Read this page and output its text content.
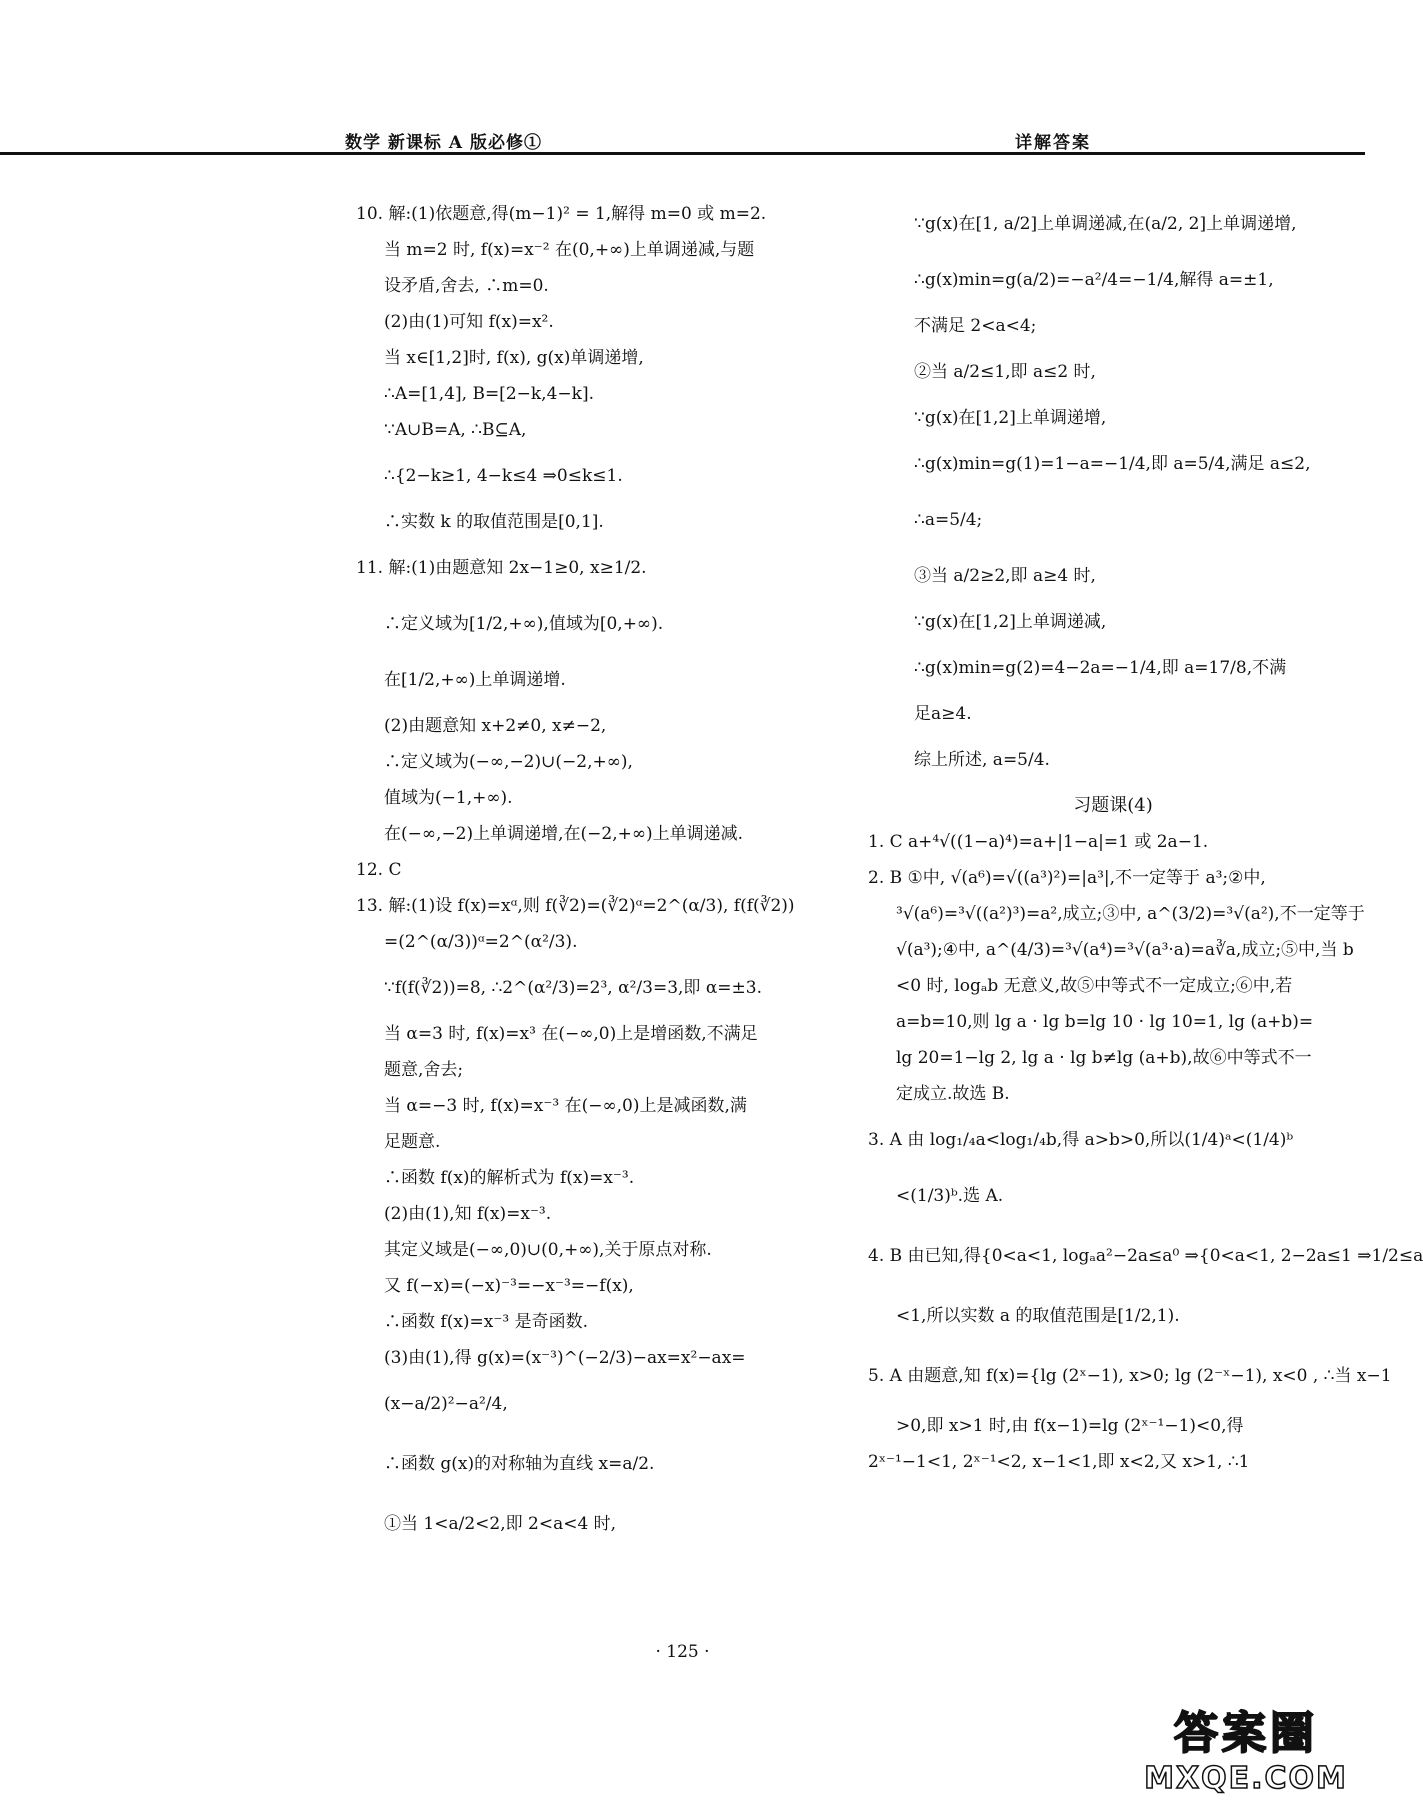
数学 新课标 A 版必修①	详解答案
10. 解:(1)依题意,得(m−1)² = 1,解得 m=0 或 m=2.
当 m=2 时, f(x)=x⁻² 在(0,+∞)上单调递减,与题
设矛盾,舍去, ∴m=0.
(2)由(1)可知 f(x)=x².
当 x∈[1,2]时, f(x), g(x)单调递增,
∴A=[1,4], B=[2−k,4−k].
∵A∪B=A, ∴B⊆A,
∴{2−k≥1, 4−k≤4 ⇒0≤k≤1.
∴实数 k 的取值范围是[0,1].
11. 解:(1)由题意知 2x−1≥0, x≥1/2.
∴定义域为[1/2,+∞),值域为[0,+∞).
在[1/2,+∞)上单调递增.
(2)由题意知 x+2≠0, x≠−2,
∴定义域为(−∞,−2)∪(−2,+∞),
值域为(−1,+∞).
在(−∞,−2)上单调递增,在(−2,+∞)上单调递减.
12. C
13. 解:(1)设 f(x)=xᵅ,则 f(∛2)=(∛2)ᵅ=2^(α/3), f(f(∛2))
=(2^(α/3))ᵅ=2^(α²/3).
∵f(f(∛2))=8, ∴2^(α²/3)=2³, α²/3=3,即 α=±3.
当 α=3 时, f(x)=x³ 在(−∞,0)上是增函数,不满足
题意,舍去;
当 α=−3 时, f(x)=x⁻³ 在(−∞,0)上是减函数,满
足题意.
∴函数 f(x)的解析式为 f(x)=x⁻³.
(2)由(1),知 f(x)=x⁻³.
其定义域是(−∞,0)∪(0,+∞),关于原点对称.
又 f(−x)=(−x)⁻³=−x⁻³=−f(x),
∴函数 f(x)=x⁻³ 是奇函数.
(3)由(1),得 g(x)=(x⁻³)^(−2/3)−ax=x²−ax=
(x−a/2)²−a²/4,
∴函数 g(x)的对称轴为直线 x=a/2.
①当 1<a/2<2,即 2<a<4 时,
∵g(x)在[1, a/2]上单调递减,在(a/2, 2]上单调递增,
∴g(x)min=g(a/2)=−a²/4=−1/4,解得 a=±1,
不满足 2<a<4;
②当 a/2≤1,即 a≤2 时,
∵g(x)在[1,2]上单调递增,
∴g(x)min=g(1)=1−a=−1/4,即 a=5/4,满足 a≤2,
∴a=5/4;
③当 a/2≥2,即 a≥4 时,
∵g(x)在[1,2]上单调递减,
∴g(x)min=g(2)=4−2a=−1/4,即 a=17/8,不满
足a≥4.
综上所述, a=5/4.
习题课(4)
1. C a+⁴√((1−a)⁴)=a+|1−a|=1 或 2a−1.
2. B ①中, √(a⁶)=√((a³)²)=|a³|,不一定等于 a³;②中,
³√(a⁶)=³√((a²)³)=a²,成立;③中, a^(3/2)=³√(a²),不一定等于
√(a³);④中, a^(4/3)=³√(a⁴)=³√(a³·a)=a∛a,成立;⑤中,当 b
<0 时, logₐb 无意义,故⑤中等式不一定成立;⑥中,若
a=b=10,则 lg a · lg b=lg 10 · lg 10=1, lg (a+b)=
lg 20=1−lg 2, lg a · lg b≠lg (a+b),故⑥中等式不一
定成立.故选 B.
3. A 由 log₁/₄a<log₁/₄b,得 a>b>0,所以(1/4)ᵃ<(1/4)ᵇ
<(1/3)ᵇ.选 A.
4. B 由已知,得{0<a<1, logₐa²−2a≤a⁰ ⇒{0<a<1, 2−2a≤1 ⇒1/2≤a
<1,所以实数 a 的取值范围是[1/2,1).
5. A 由题意,知 f(x)={lg (2ˣ−1), x>0; lg (2⁻ˣ−1), x<0 , ∴当 x−1
>0,即 x>1 时,由 f(x−1)=lg (2ˣ⁻¹−1)<0,得
2ˣ⁻¹−1<1, 2ˣ⁻¹<2, x−1<1,即 x<2,又 x>1, ∴1
· 125 ·
答案圈
MXQE.COM
